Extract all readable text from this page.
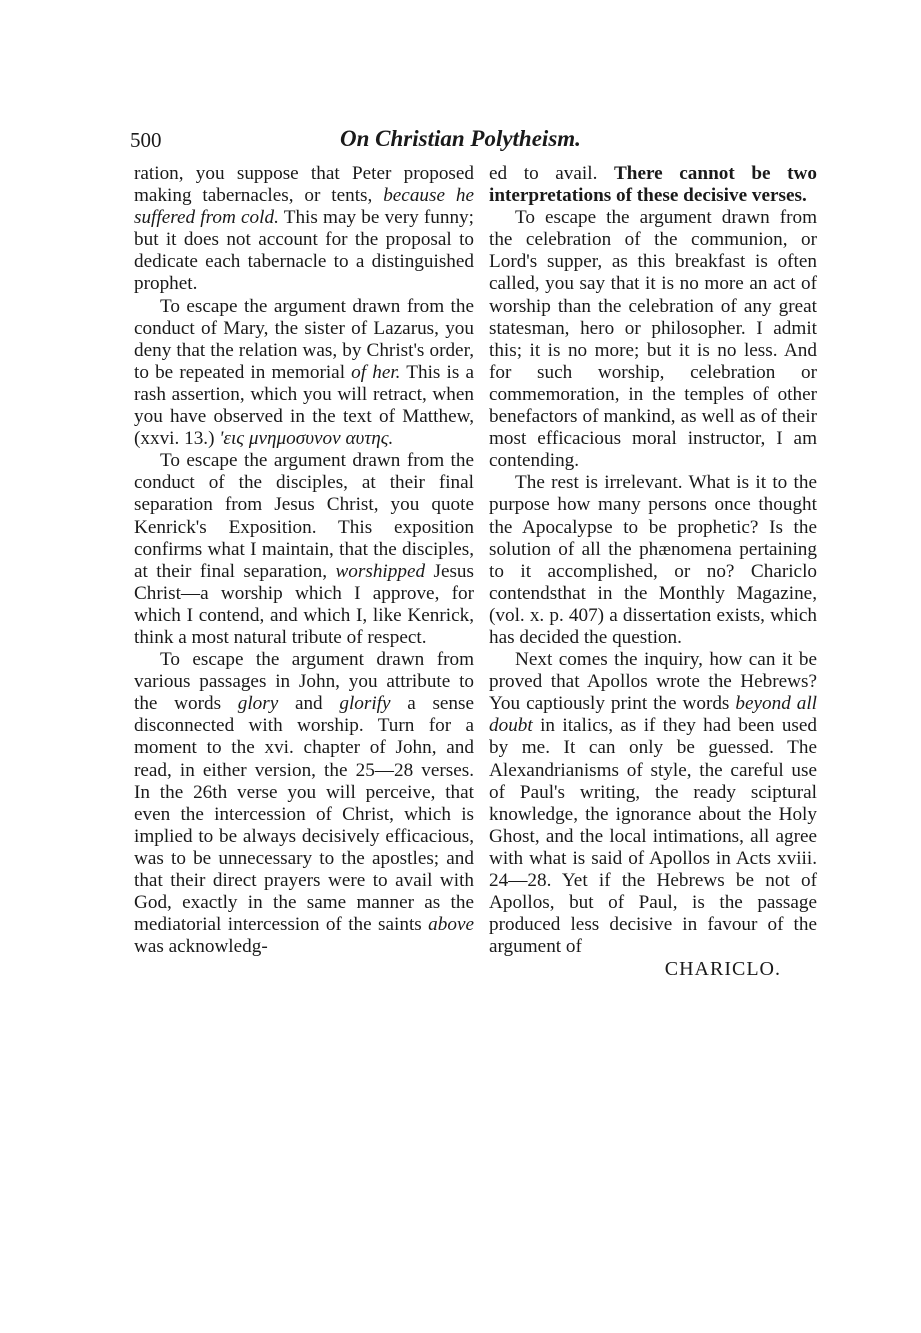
500	On Christian Polytheism.

ration, you suppose that Peter proposed making tabernacles, or tents, because he suffered from cold. This may be very funny; but it does not account for the proposal to dedicate each tabernacle to a distinguished prophet.

To escape the argument drawn from the conduct of Mary, the sister of Lazarus, you deny that the relation was, by Christ's order, to be repeated in memorial of her. This is a rash assertion, which you will retract, when you have observed in the text of Matthew, (xxvi. 13.) 'εις μνημοσυνον αυτης.

To escape the argument drawn from the conduct of the disciples, at their final separation from Jesus Christ, you quote Kenrick's Exposition. This exposition confirms what I maintain, that the disciples, at their final separation, worshipped Jesus Christ—a worship which I approve, for which I contend, and which I, like Kenrick, think a most natural tribute of respect.

To escape the argument drawn from various passages in John, you attribute to the words glory and glorify a sense disconnected with worship. Turn for a moment to the xvi. chapter of John, and read, in either version, the 25—28 verses. In the 26th verse you will perceive, that even the intercession of Christ, which is implied to be always decisively efficacious, was to be unnecessary to the apostles; and that their direct prayers were to avail with God, exactly in the same manner as the mediatorial intercession of the saints above was acknowledg-

ed to avail. There cannot be two interpretations of these decisive verses.

To escape the argument drawn from the celebration of the communion, or Lord's supper, as this breakfast is often called, you say that it is no more an act of worship than the celebration of any great statesman, hero or philosopher. I admit this; it is no more; but it is no less. And for such worship, celebration or commemoration, in the temples of other benefactors of mankind, as well as of their most efficacious moral instructor, I am contending.

The rest is irrelevant. What is it to the purpose how many persons once thought the Apocalypse to be prophetic? Is the solution of all the phænomena pertaining to it accomplished, or no? Chariclo contendsthat in the Monthly Magazine, (vol. x. p. 407) a dissertation exists, which has decided the question.

Next comes the inquiry, how can it be proved that Apollos wrote the Hebrews? You captiously print the words beyond all doubt in italics, as if they had been used by me. It can only be guessed. The Alexandrianisms of style, the careful use of Paul's writing, the ready sciptural knowledge, the ignorance about the Holy Ghost, and the local intimations, all agree with what is said of Apollos in Acts xviii. 24—28. Yet if the Hebrews be not of Apollos, but of Paul, is the passage produced less decisive in favour of the argument of

CHARICLO.
